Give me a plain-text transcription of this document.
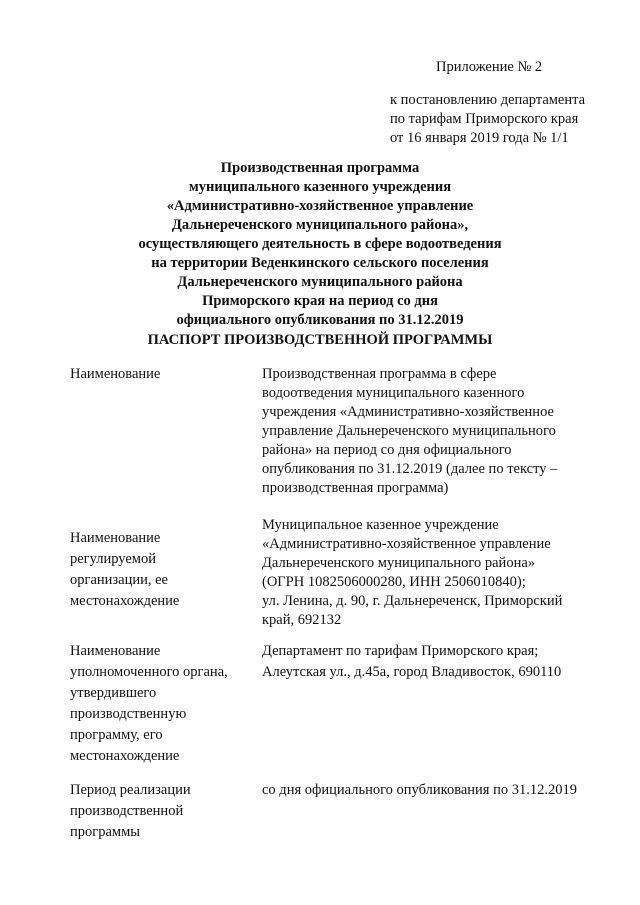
Приложение № 2
к постановлению департамента
по тарифам Приморского края
от 16 января 2019 года № 1/1
Производственная программа
муниципального казенного учреждения
«Административно-хозяйственное управление
Дальнереченского муниципального района»,
осуществляющего деятельность в сфере водоотведения
на территории Веденкинского сельского поселения
Дальнереченского муниципального района
Приморского края на период со дня
официального опубликования по 31.12.2019
ПАСПОРТ ПРОИЗВОДСТВЕННОЙ ПРОГРАММЫ
Наименование	Производственная программа в сфере
водоотведения муниципального казенного
учреждения «Административно-хозяйственное
управление Дальнереченского муниципального
района» на период со дня официального
опубликования по 31.12.2019 (далее по тексту –
производственная программа)
Наименование
регулируемой
организации, ее
местонахождение
Муниципальное казенное учреждение
«Административно-хозяйственное управление
Дальнереченского муниципального района»
(ОГРН 1082506000280, ИНН 2506010840);
ул. Ленина, д. 90, г. Дальнереченск, Приморский
край, 692132
Наименование
уполномоченного органа,
утвердившего
производственную
программу, его
местонахождение
Департамент по тарифам Приморского края;
Алеутская ул., д.45а, город Владивосток, 690110
Период реализации
производственной
программы
со дня официального опубликования по 31.12.2019
